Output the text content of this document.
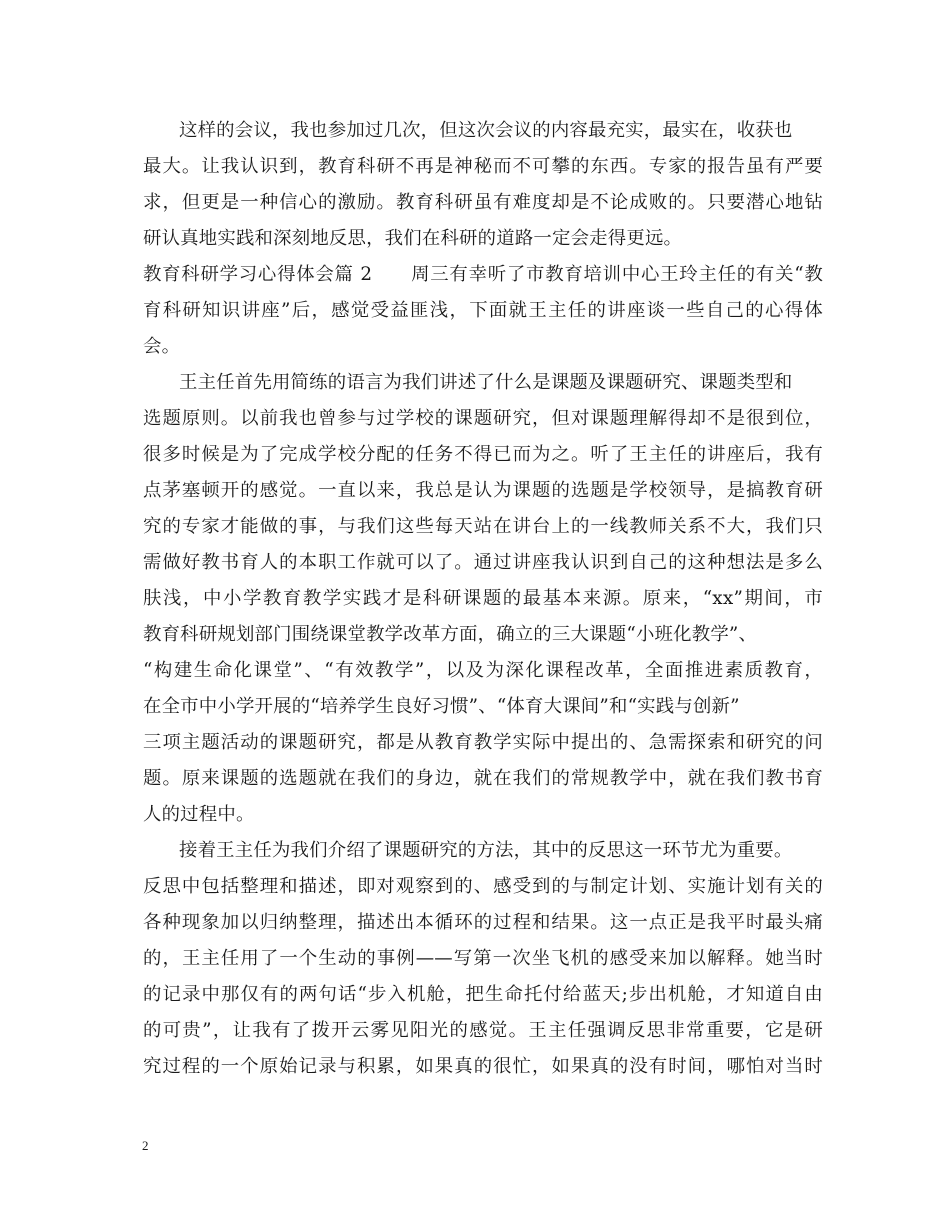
这样的会议，我也参加过几次，但这次会议的内容最充实，最实在，收获也
最大。让我认识到，教育科研不再是神秘而不可攀的东西。专家的报告虽有严要
求，但更是一种信心的激励。教育科研虽有难度却是不论成败的。只要潜心地钻
研认真地实践和深刻地反思，我们在科研的道路一定会走得更远。
教育科研学习心得体会篇 2　　周三有幸听了市教育培训中心王玲主任的有关“教
育科研知识讲座”后，感觉受益匪浅，下面就王主任的讲座谈一些自己的心得体
会。
王主任首先用简练的语言为我们讲述了什么是课题及课题研究、课题类型和
选题原则。以前我也曾参与过学校的课题研究，但对课题理解得却不是很到位，
很多时候是为了完成学校分配的任务不得已而为之。听了王主任的讲座后，我有
点茅塞顿开的感觉。一直以来，我总是认为课题的选题是学校领导，是搞教育研
究的专家才能做的事，与我们这些每天站在讲台上的一线教师关系不大，我们只
需做好教书育人的本职工作就可以了。通过讲座我认识到自己的这种想法是多么
肤浅，中小学教育教学实践才是科研课题的最基本来源。原来，“xx”期间，市
教育科研规划部门围绕课堂教学改革方面，确立的三大课题“小班化教学”、
“构建生命化课堂”、“有效教学”，以及为深化课程改革，全面推进素质教育，
在全市中小学开展的“培养学生良好习惯”、“体育大课间”和“实践与创新”
三项主题活动的课题研究，都是从教育教学实际中提出的、急需探索和研究的问
题。原来课题的选题就在我们的身边，就在我们的常规教学中，就在我们教书育
人的过程中。
接着王主任为我们介绍了课题研究的方法，其中的反思这一环节尤为重要。
反思中包括整理和描述，即对观察到的、感受到的与制定计划、实施计划有关的
各种现象加以归纳整理，描述出本循环的过程和结果。这一点正是我平时最头痛
的，王主任用了一个生动的事例——写第一次坐飞机的感受来加以解释。她当时
的记录中那仅有的两句话“步入机舱，把生命托付给蓝天;步出机舱，才知道自由
的可贵”，让我有了拨开云雾见阳光的感觉。王主任强调反思非常重要，它是研
究过程的一个原始记录与积累，如果真的很忙，如果真的没有时间，哪怕对当时
2
